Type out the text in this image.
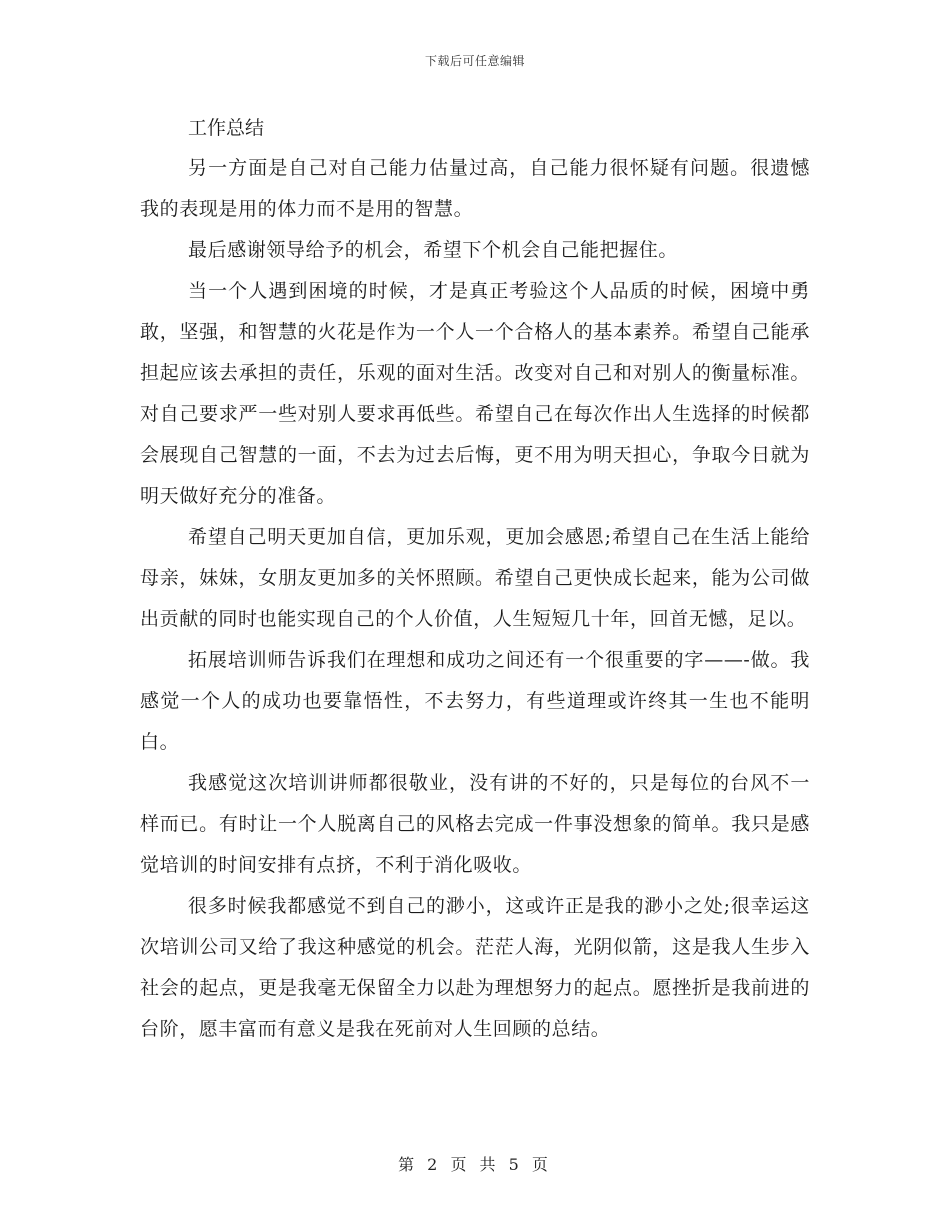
下载后可任意编辑
工作总结

另一方面是自己对自己能力估量过高，自己能力很怀疑有问题。很遗憾我的表现是用的体力而不是用的智慧。

最后感谢领导给予的机会，希望下个机会自己能把握住。

当一个人遇到困境的时候，才是真正考验这个人品质的时候，困境中勇敢，坚强，和智慧的火花是作为一个人一个合格人的基本素养。希望自己能承担起应该去承担的责任，乐观的面对生活。改变对自己和对别人的衡量标准。对自己要求严一些对别人要求再低些。希望自己在每次作出人生选择的时候都会展现自己智慧的一面，不去为过去后悔，更不用为明天担心，争取今日就为明天做好充分的准备。

希望自己明天更加自信，更加乐观，更加会感恩;希望自己在生活上能给母亲，妹妹，女朋友更加多的关怀照顾。希望自己更快成长起来，能为公司做出贡献的同时也能实现自己的个人价值，人生短短几十年，回首无憾，足以。

拓展培训师告诉我们在理想和成功之间还有一个很重要的字——-做。我感觉一个人的成功也要靠悟性，不去努力，有些道理或许终其一生也不能明白。

我感觉这次培训讲师都很敬业，没有讲的不好的，只是每位的台风不一样而已。有时让一个人脱离自己的风格去完成一件事没想象的简单。我只是感觉培训的时间安排有点挤，不利于消化吸收。

很多时候我都感觉不到自己的渺小，这或许正是我的渺小之处;很幸运这次培训公司又给了我这种感觉的机会。茫茫人海，光阴似箭，这是我人生步入社会的起点，更是我毫无保留全力以赴为理想努力的起点。愿挫折是我前进的台阶，愿丰富而有意义是我在死前对人生回顾的总结。

第 2 页 共 5 页
